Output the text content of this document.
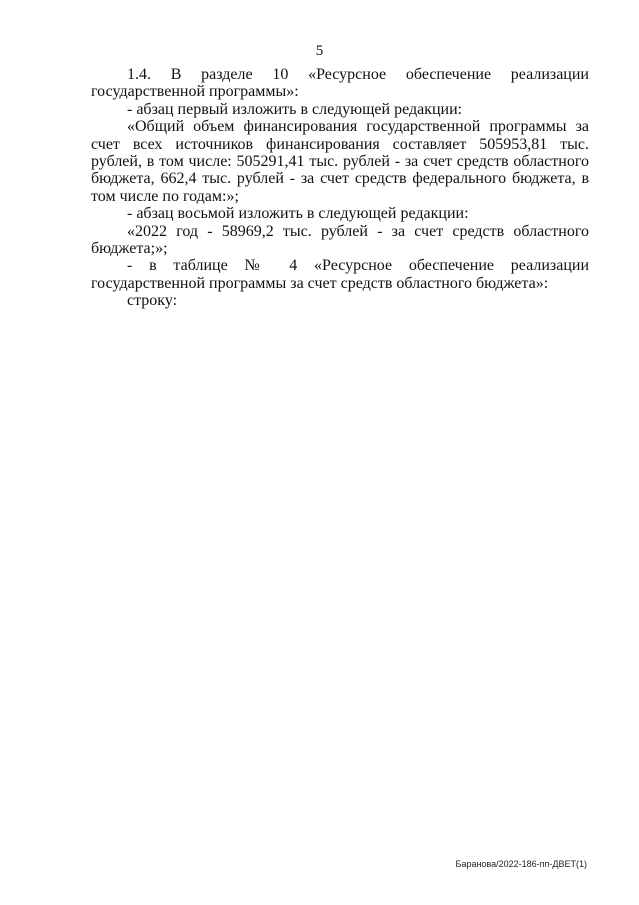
5

1.4. В разделе 10 «Ресурсное обеспечение реализации государственной программы»:

- абзац первый изложить в следующей редакции:

«Общий объем финансирования государственной программы за счет всех источников финансирования составляет 505953,81 тыс. рублей, в том числе: 505291,41 тыс. рублей - за счет средств областного бюджета, 662,4 тыс. рублей - за счет средств федерального бюджета, в том числе по годам:»;

- абзац восьмой изложить в следующей редакции:

«2022 год - 58969,2 тыс. рублей - за счет средств областного бюджета;»;

- в таблице № 4 «Ресурсное обеспечение реализации государственной программы за счет средств областного бюджета»:

строку:

Баранова/2022-186-пп-ДВЕТ(1)
